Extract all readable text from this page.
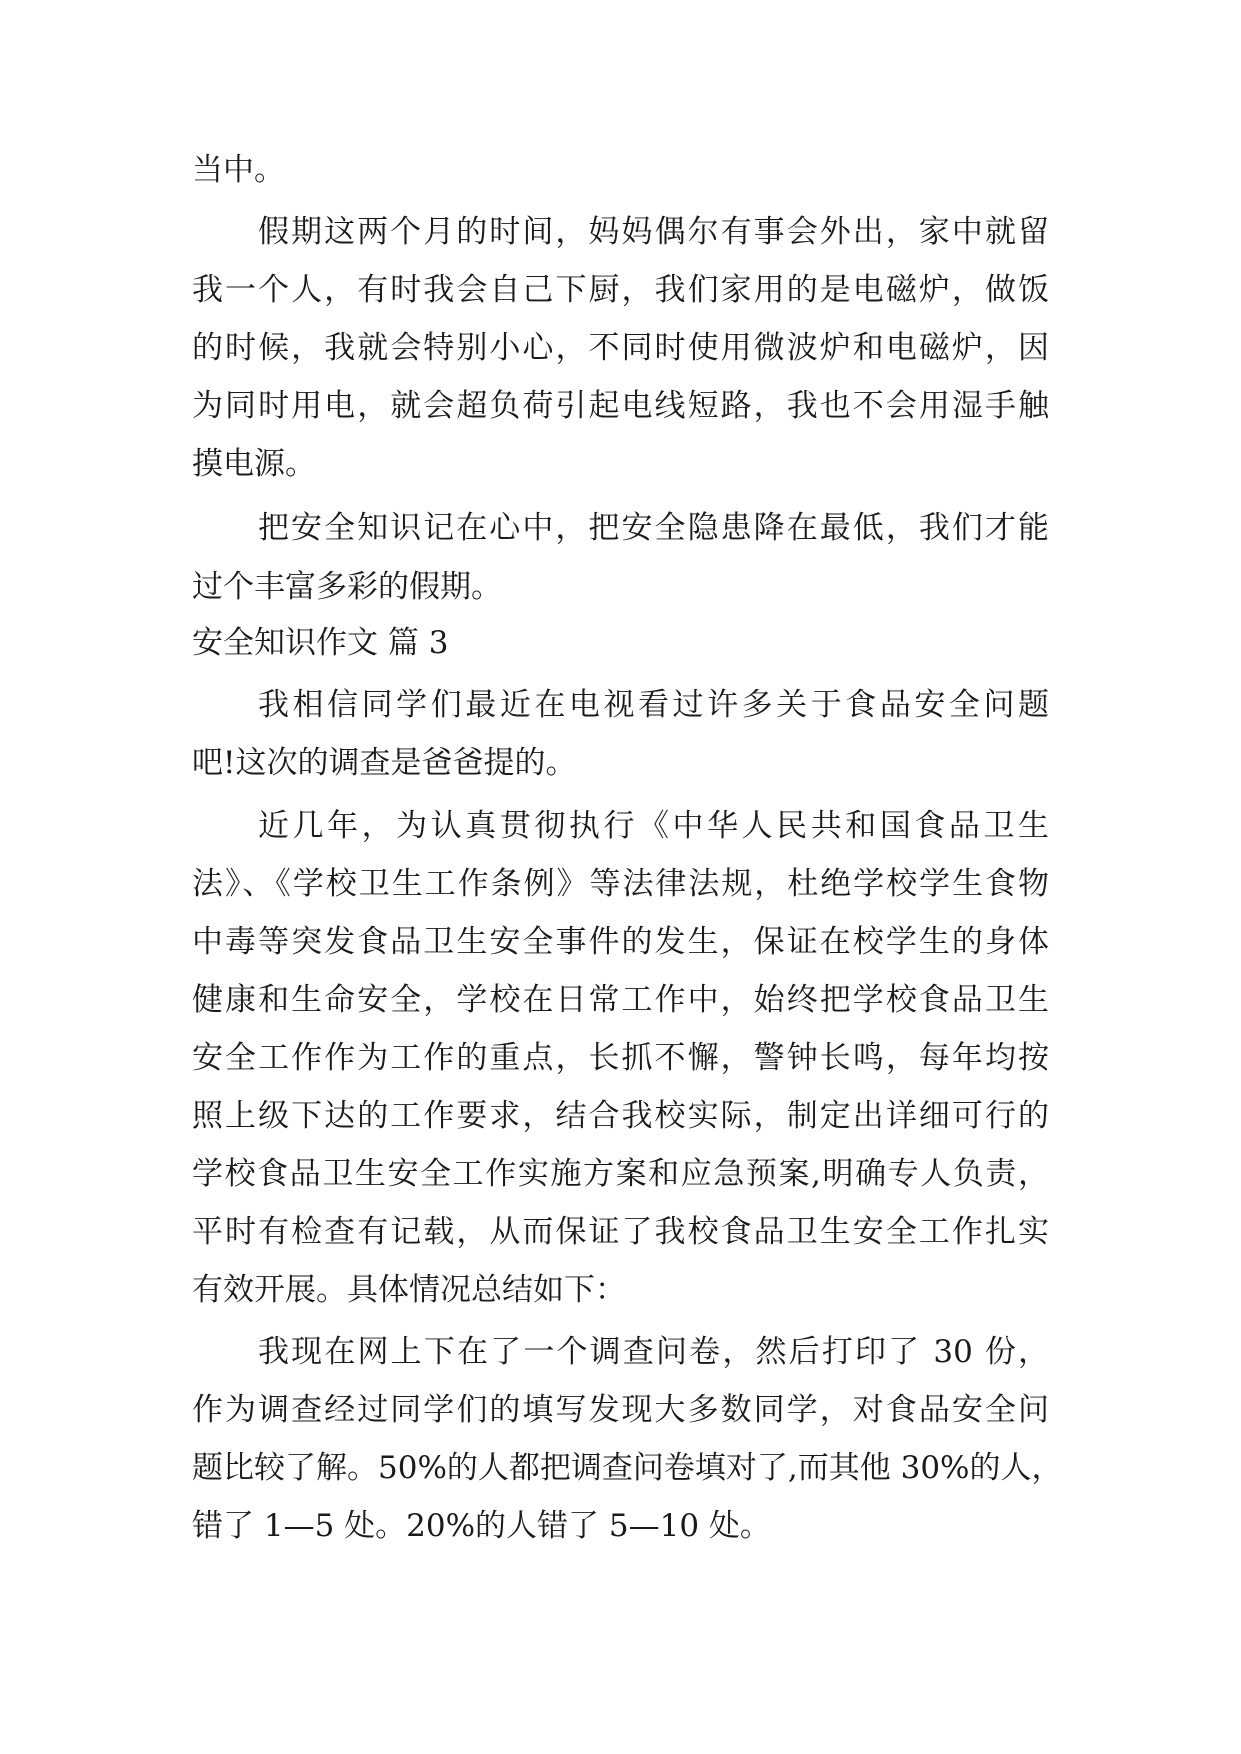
当中。

假期这两个月的时间，妈妈偶尔有事会外出，家中就留

我一个人，有时我会自己下厨，我们家用的是电磁炉，做饭

的时候，我就会特别小心，不同时使用微波炉和电磁炉，因

为同时用电，就会超负荷引起电线短路，我也不会用湿手触

摸电源。

把安全知识记在心中，把安全隐患降在最低，我们才能

过个丰富多彩的假期。

安全知识作文 篇 3

我相信同学们最近在电视看过许多关于食品安全问题

吧!这次的调查是爸爸提的。

近几年，为认真贯彻执行《中华人民共和国食品卫生

法》、《学校卫生工作条例》等法律法规，杜绝学校学生食物

中毒等突发食品卫生安全事件的发生，保证在校学生的身体

健康和生命安全，学校在日常工作中，始终把学校食品卫生

安全工作作为工作的重点，长抓不懈，警钟长鸣，每年均按

照上级下达的工作要求，结合我校实际，制定出详细可行的

学校食品卫生安全工作实施方案和应急预案,明确专人负责，

平时有检查有记载，从而保证了我校食品卫生安全工作扎实

有效开展。具体情况总结如下：

我现在网上下在了一个调查问卷，然后打印了 30 份，

作为调查经过同学们的填写发现大多数同学，对食品安全问

题比较了解。50%的人都把调查问卷填对了,而其他 30%的人，

错了 1—5 处。20%的人错了 5—10 处。
